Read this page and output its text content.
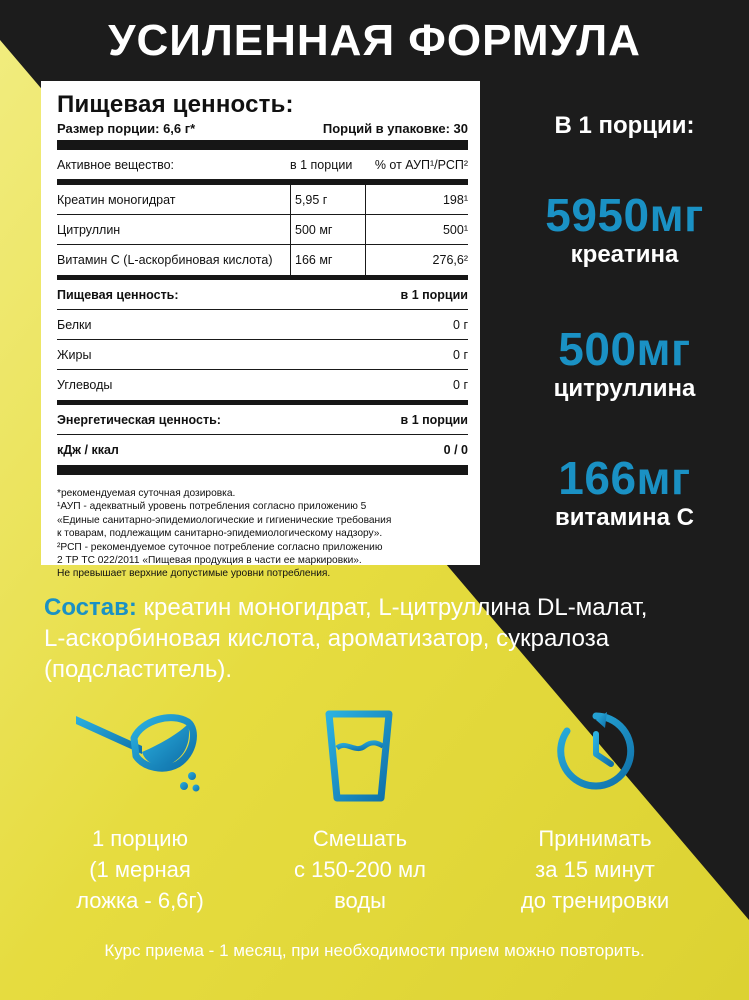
УСИЛЕННАЯ ФОРМУЛА
Пищевая ценность:
Размер порции: 6,6 г*	Порций в упаковке: 30
Активное вещество:	в 1 порции	% от АУП¹/РСП²
Креатин моногидрат	5,95 г	198¹
Цитруллин	500 мг	500¹
Витамин С (L-аскорбиновая кислота)	166 мг	276,6²
Пищевая ценность:	в 1 порции
Белки	0 г
Жиры	0 г
Углеводы	0 г
Энергетическая ценность:	в 1 порции
кДж / ккал	0 / 0
*рекомендуемая суточная дозировка.
¹АУП - адекватный уровень потребления согласно приложению 5
«Единые санитарно-эпидемиологические и гигиенические требования
к товарам, подлежащим санитарно-эпидемиологическому надзору».
²РСП - рекомендуемое суточное потребление согласно приложению
2 ТР ТС 022/2011 «Пищевая продукция в части ее маркировки».
Не превышает верхние допустимые уровни потребления.
В 1 порции:
5950мг
креатина
500мг
цитруллина
166мг
витамина С
Состав: креатин моногидрат, L-цитруллина DL-малат,
L-аскорбиновая кислота, ароматизатор, сукралоза
(подсластитель).
1 порцию
(1 мерная
ложка - 6,6г)
Смешать
с 150-200 мл
воды
Принимать
за 15 минут
до тренировки
Курс приема - 1 месяц, при необходимости прием можно повторить.
